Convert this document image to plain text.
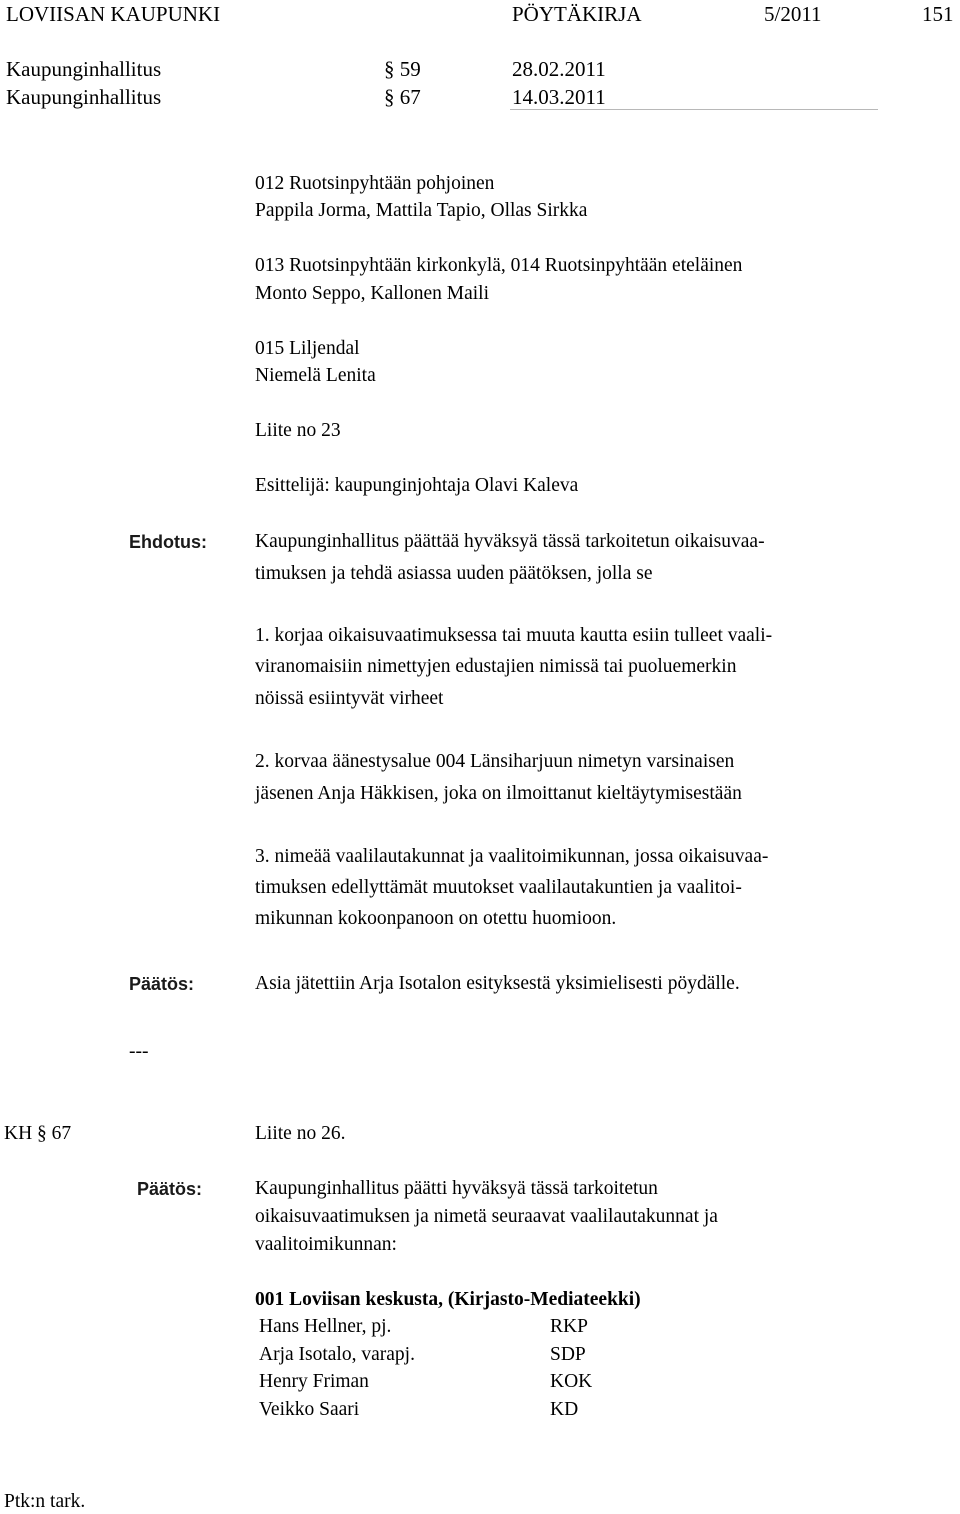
LOVIISAN KAUPUNKI	PÖYTÄKIRJA	5/2011	151
Kaupunginhallitus	§ 59	28.02.2011
Kaupunginhallitus	§ 67	14.03.2011
012 Ruotsinpyhtään pohjoinen
Pappila Jorma, Mattila Tapio, Ollas Sirkka
013 Ruotsinpyhtään kirkonkylä, 014 Ruotsinpyhtään eteläinen
Monto Seppo, Kallonen Maili
015 Liljendal
Niemelä Lenita
Liite no 23
Esittelijä: kaupunginjohtaja Olavi Kaleva
Ehdotus: Kaupunginhallitus päättää hyväksyä tässä tarkoitetun oikaisuvaa-
timuksen ja tehdä asiassa uuden päätöksen, jolla se
1. korjaa oikaisuvaatimuksessa tai muuta kautta esiin tulleet vaali-
viranomaisiin nimettyjen edustajien nimissä tai puoluemerkin
nöissä esiintyvät virheet
2. korvaa äänestysalue 004 Länsiharjuun nimetyn varsinaisen
jäsenen Anja Häkkisen, joka on ilmoittanut kieltäytymisestään
3. nimeää vaalilautakunnat ja vaalitoimikunnan, jossa oikaisuvaa-
timuksen edellyttämät muutokset vaalilautakuntien ja vaalitoi-
mikunnan kokoonpanoon on otettu huomioon.
Päätös:	Asia jätettiin Arja Isotalon esityksestä yksimielisesti pöydälle.
---
KH § 67	Liite no 26.
Päätös:	Kaupunginhallitus päätti hyväksyä tässä tarkoitetun
oikaisuvaatimuksen ja nimetä seuraavat vaalilautakunnat ja
vaalitoimikunnan:
001 Loviisan keskusta, (Kirjasto-Mediateekki)
Hans Hellner, pj.	RKP
Arja Isotalo, varapj.	SDP
Henry Friman	KOK
Veikko Saari	KD
Ptk:n tark.
